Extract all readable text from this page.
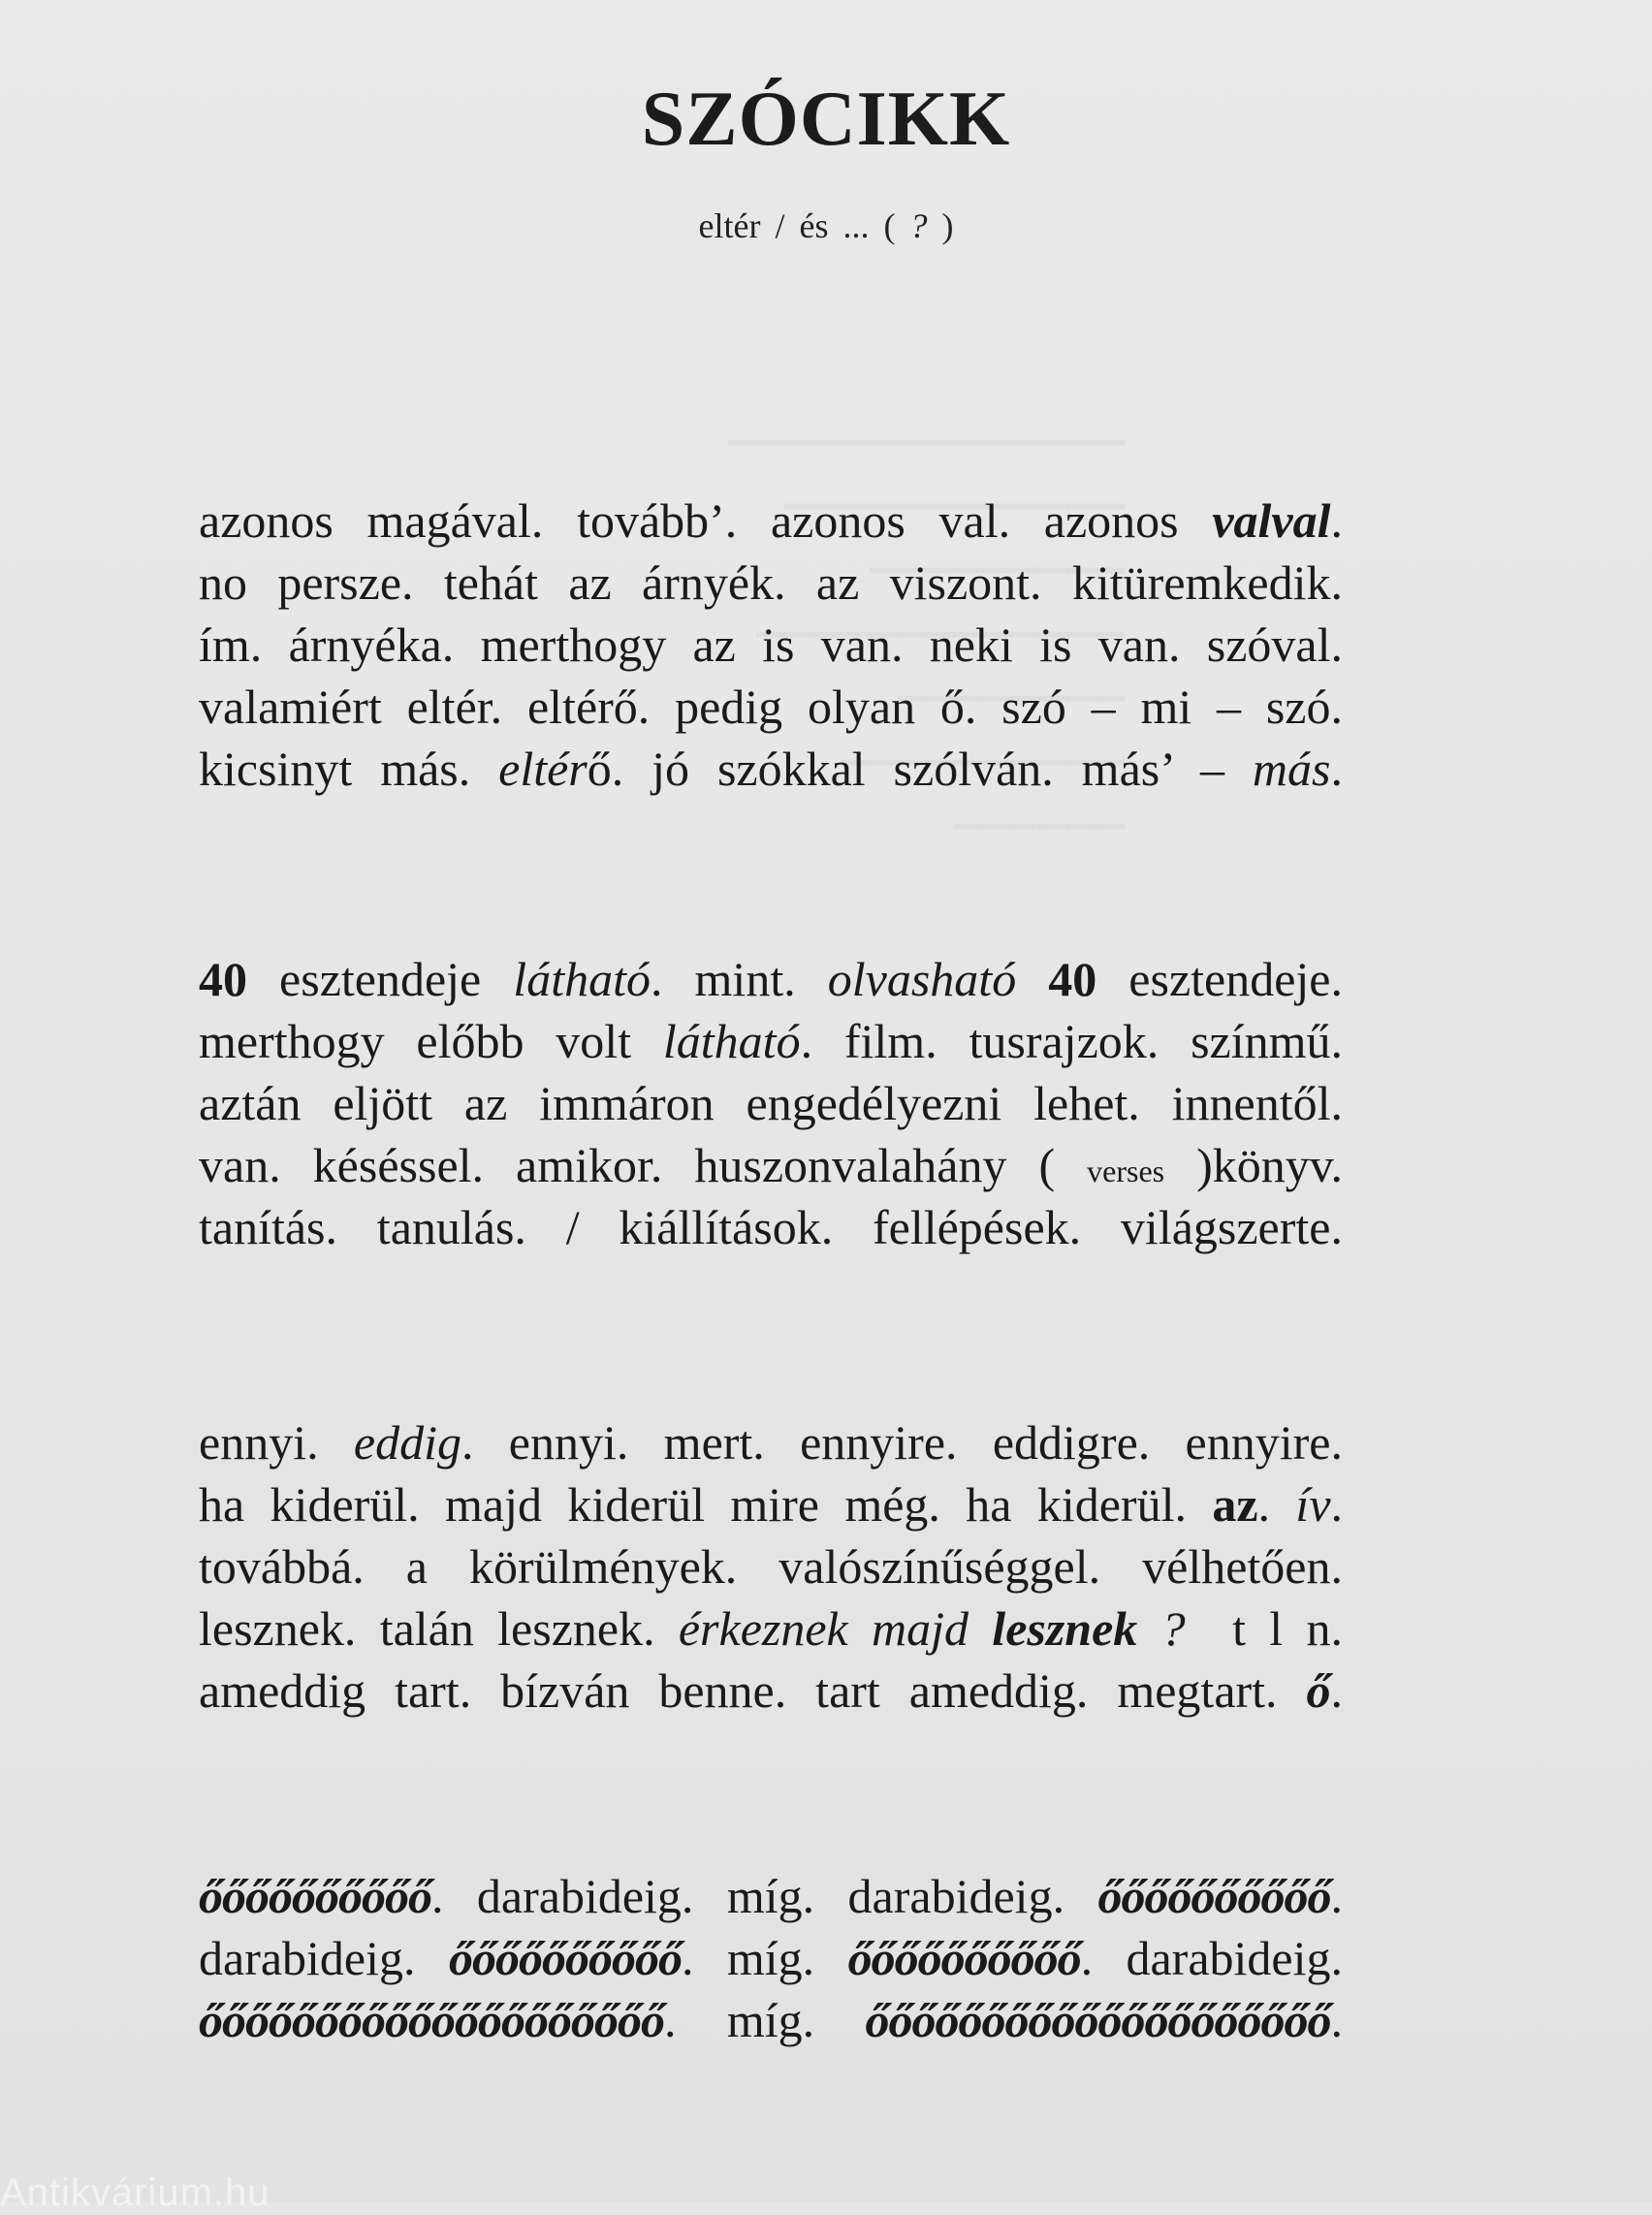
SZÓCIKK
eltér / és ... ( ? )
azonos magával. tovább’. azonos val. azonos valval.
no persze. tehát az árnyék. az viszont. kitüremkedik.
ím. árnyéka. merthogy az is van. neki is van. szóval.
valamiért eltér. eltérő. pedig olyan ő. szó – mi – szó.
kicsinyt más. eltérő. jó szókkal szólván. más’ – más.
40 esztendeje látható. mint. olvasható 40 esztendeje.
merthogy előbb volt látható. film. tusrajzok. színmű.
aztán eljött az immáron engedélyezni lehet. innentől.
van. késéssel. amikor. huszonvalahány ( verses )könyv.
tanítás. tanulás. / kiállítások. fellépések. világszerte.
ennyi. eddig. ennyi. mert. ennyire. eddigre. ennyire.
ha kiderül. majd kiderül mire még. ha kiderül. az. ív.
továbbá. a körülmények. valószínűséggel. vélhetően.
lesznek. talán lesznek. érkeznek majd lesznek ?  t l n.
ameddig tart. bízván benne. tart ameddig. megtart. ő.
őőőőőőőőőő. darabideig. míg. darabideig. őőőőőőőőőő.
darabideig. őőőőőőőőőő. míg. őőőőőőőőőő. darabideig.
őőőőőőőőőőőőőőőőőőőő.  míg.  őőőőőőőőőőőőőőőőőőőő.
Antikvárium.hu
